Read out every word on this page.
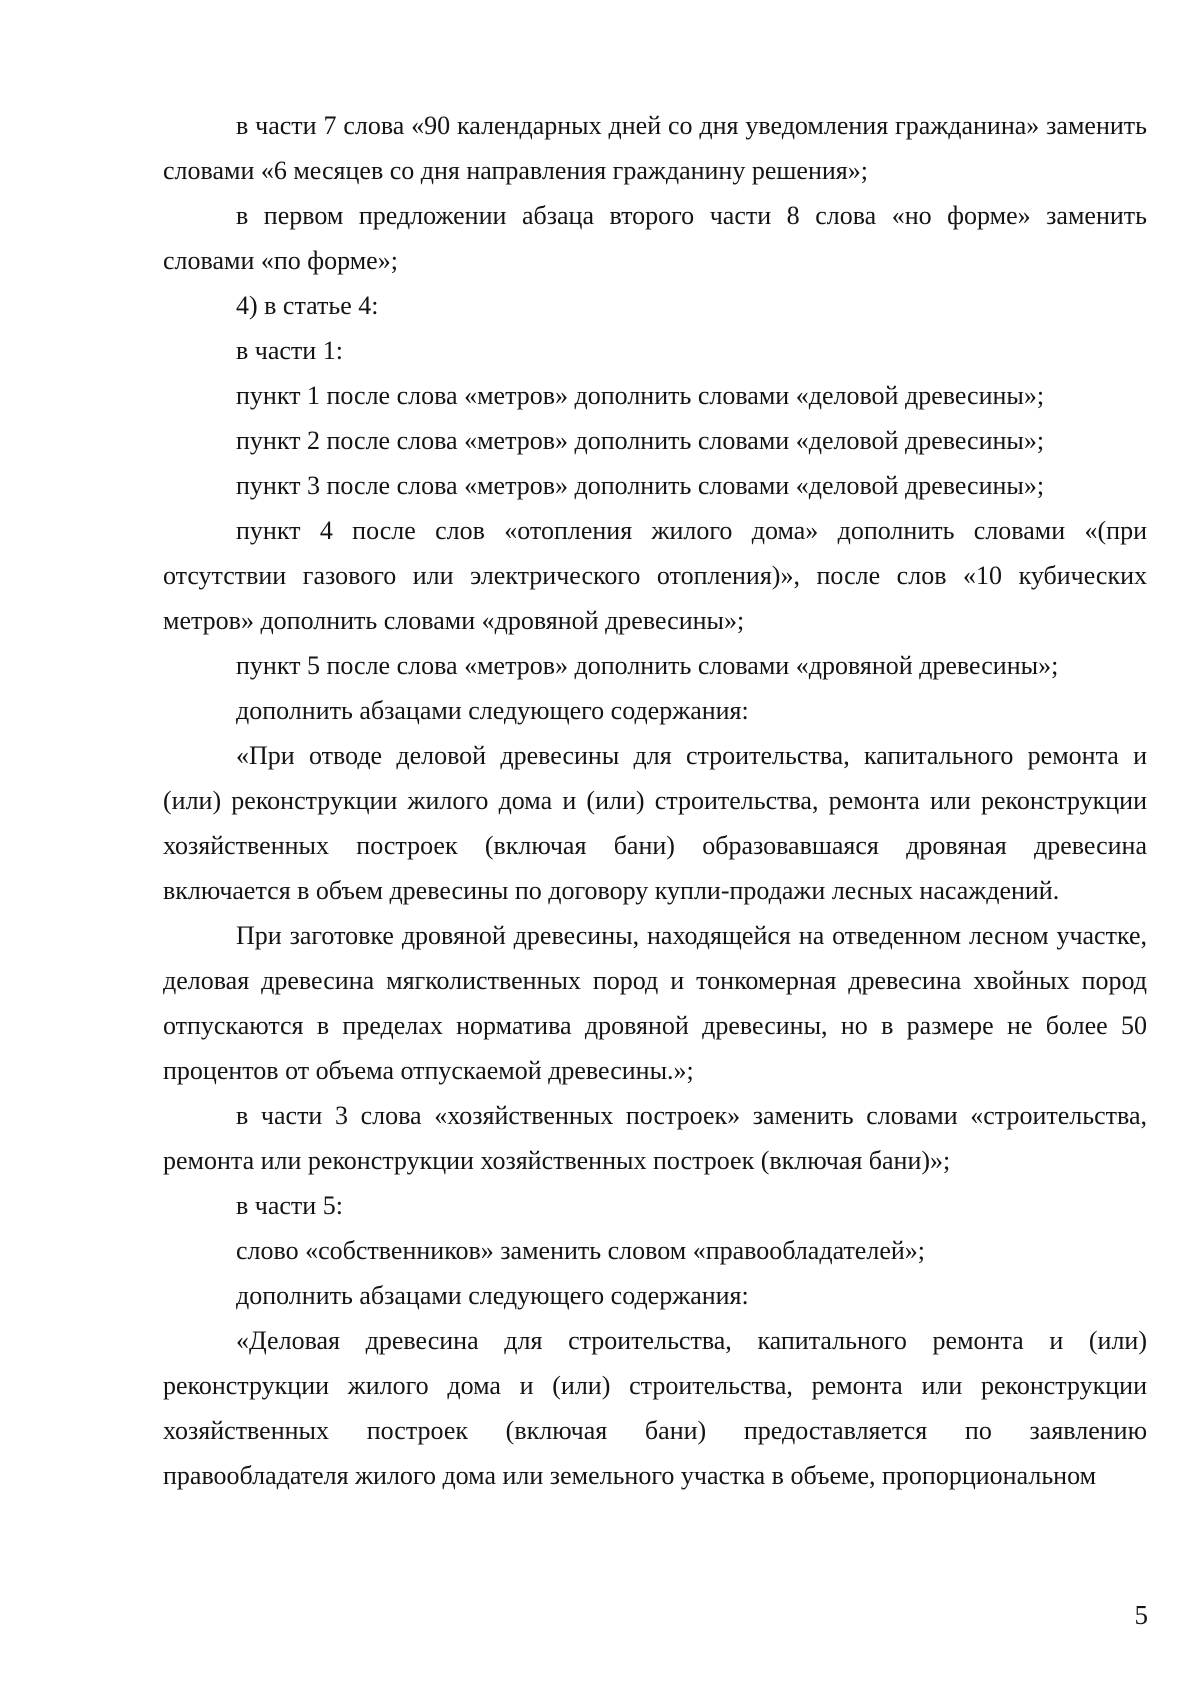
в части 7 слова «90 календарных дней со дня уведомления гражданина» заменить словами «6 месяцев со дня направления гражданину решения»;

в первом предложении абзаца второго части 8 слова «но форме» заменить словами «по форме»;

4) в статье 4:

в части 1:

пункт 1 после слова «метров» дополнить словами «деловой древесины»;

пункт 2 после слова «метров» дополнить словами «деловой древесины»;

пункт 3 после слова «метров» дополнить словами «деловой древесины»;

пункт 4 после слов «отопления жилого дома» дополнить словами «(при отсутствии газового или электрического отопления)», после слов «10 кубических метров» дополнить словами «дровяной древесины»;

пункт 5 после слова «метров» дополнить словами «дровяной древесины»;

дополнить абзацами следующего содержания:

«При отводе деловой древесины для строительства, капитального ремонта и (или) реконструкции жилого дома и (или) строительства, ремонта или реконструкции хозяйственных построек (включая бани) образовавшаяся дровяная древесина включается в объем древесины по договору купли-продажи лесных насаждений.

При заготовке дровяной древесины, находящейся на отведенном лесном участке, деловая древесина мягколиственных пород и тонкомерная древесина хвойных пород отпускаются в пределах норматива дровяной древесины, но в размере не более 50 процентов от объема отпускаемой древесины.»;

в части 3 слова «хозяйственных построек» заменить словами «строительства, ремонта или реконструкции хозяйственных построек (включая бани)»;

в части 5:

слово «собственников» заменить словом «правообладателей»;

дополнить абзацами следующего содержания:

«Деловая древесина для строительства, капитального ремонта и (или) реконструкции жилого дома и (или) строительства, ремонта или реконструкции хозяйственных построек (включая бани) предоставляется по заявлению правообладателя жилого дома или земельного участка в объеме, пропорциональном

5
